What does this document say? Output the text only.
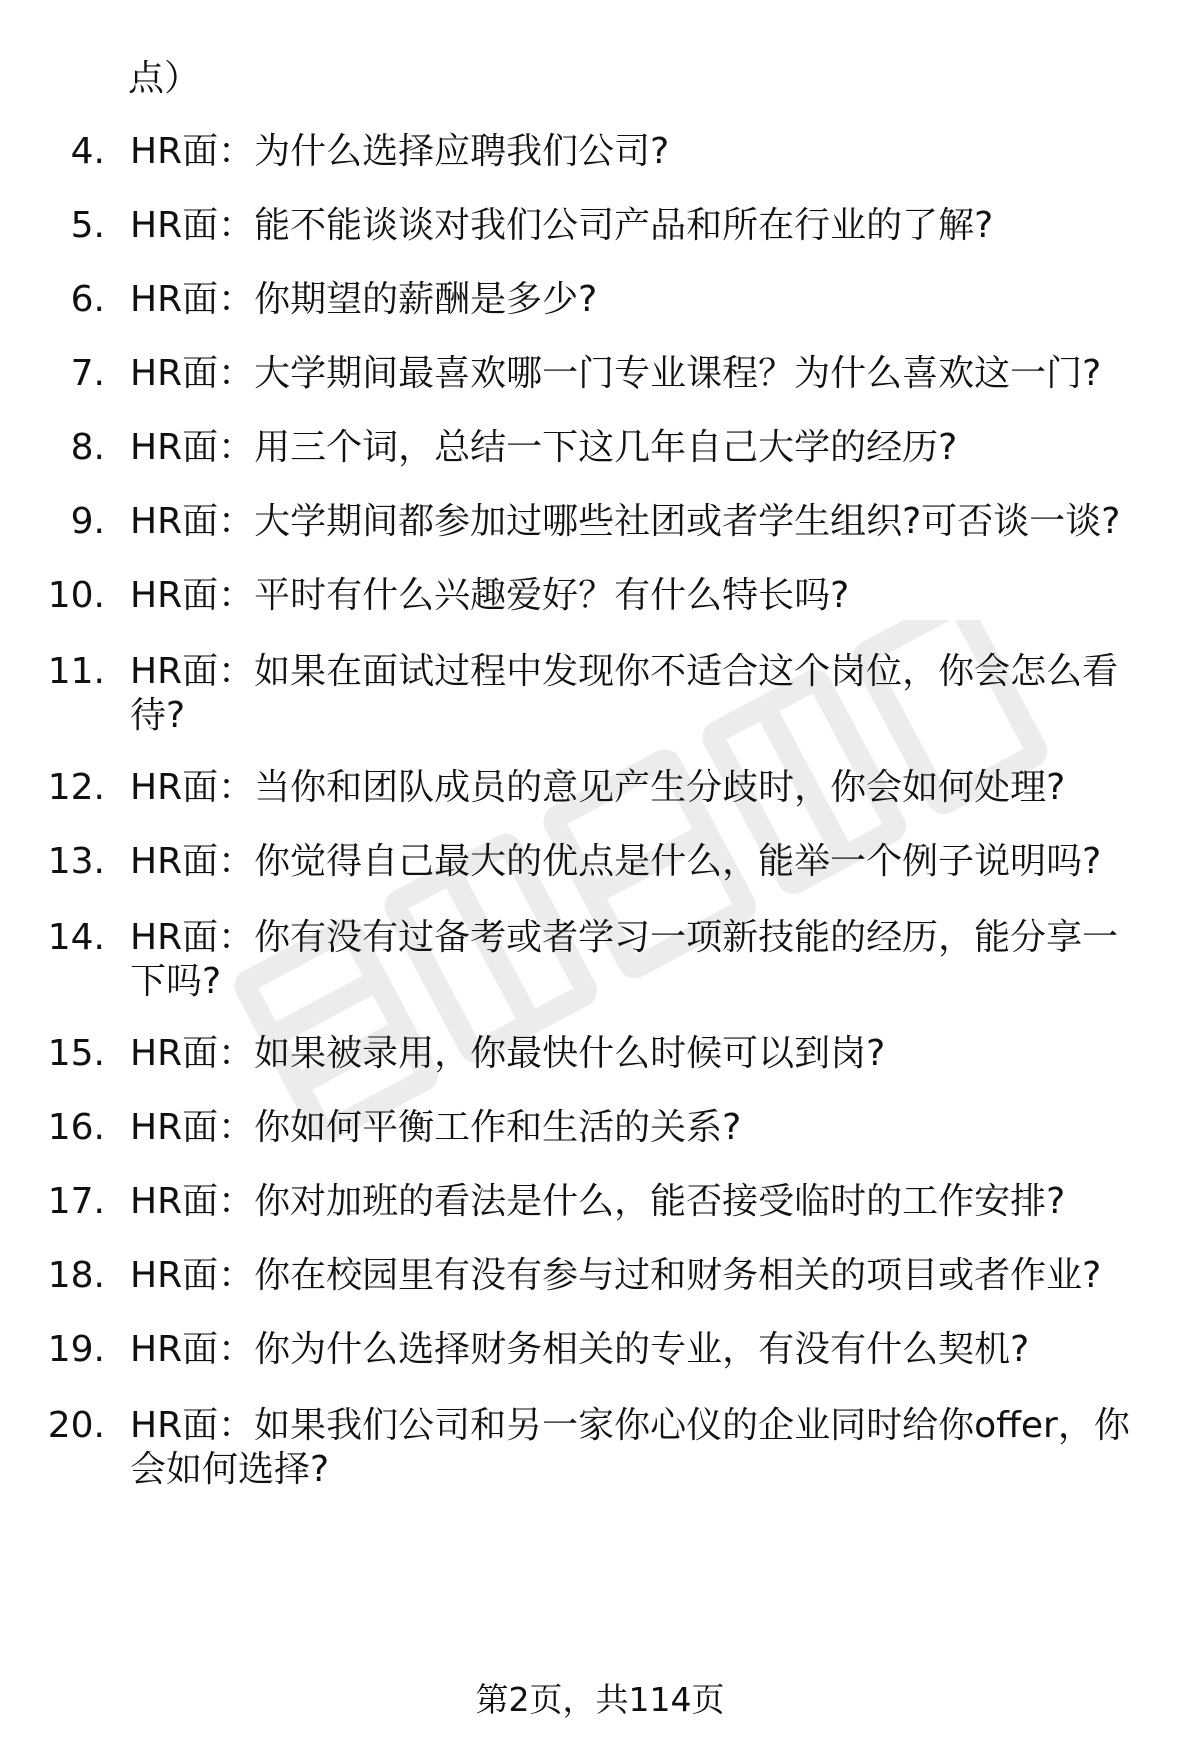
点）
4. HR面：为什么选择应聘我们公司?
5. HR面：能不能谈谈对我们公司产品和所在行业的了解?
6. HR面：你期望的薪酬是多少?
7. HR面：大学期间最喜欢哪一门专业课程？为什么喜欢这一门?
8. HR面：用三个词，总结一下这几年自己大学的经历?
9. HR面：大学期间都参加过哪些社团或者学生组织?可否谈一谈?
10. HR面：平时有什么兴趣爱好？有什么特长吗?
11. HR面：如果在面试过程中发现你不适合这个岗位，你会怎么看待?
12. HR面：当你和团队成员的意见产生分歧时，你会如何处理?
13. HR面：你觉得自己最大的优点是什么，能举一个例子说明吗?
14. HR面：你有没有过备考或者学习一项新技能的经历，能分享一下吗?
15. HR面：如果被录用，你最快什么时候可以到岗?
16. HR面：你如何平衡工作和生活的关系?
17. HR面：你对加班的看法是什么，能否接受临时的工作安排?
18. HR面：你在校园里有没有参与过和财务相关的项目或者作业?
19. HR面：你为什么选择财务相关的专业，有没有什么契机?
20. HR面：如果我们公司和另一家你心仪的企业同时给你offer，你会如何选择?
第2页，共114页
